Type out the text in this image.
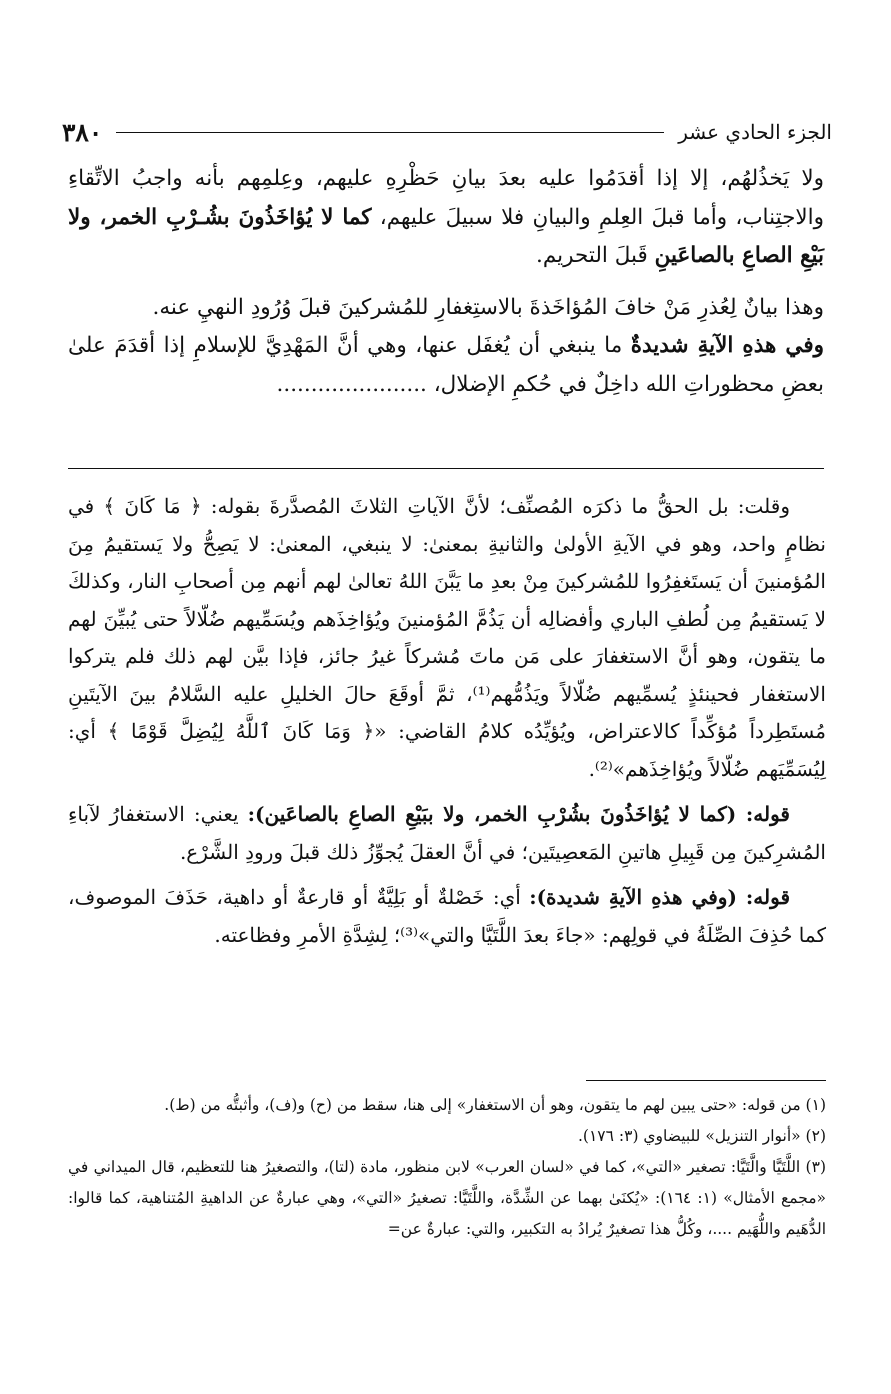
٣٨٠	الجزء الحادي عشر

ولا يَخذُلهُم، إلا إذا أقدَمُوا عليه بعدَ بيانِ حَظْرِهِ عليهم، وعِلمِهم بأنه واجبُ الاتِّقاءِ والاجتِناب، وأما قبلَ العِلمِ والبيانِ فلا سبيلَ عليهم، كما لا يُؤاخَذُونَ بشُـرْبِ الخمر، ولا بَيْعِ الصاعِ بالصاعَينِ قَبلَ التحريم.

وهذا بيانٌ لِعُذرِ مَنْ خافَ المُؤاخَذةَ بالاستِغفارِ للمُشركينَ قبلَ وُرُودِ النهيِ عنه.

وفي هذهِ الآيةِ شديدةٌ ما ينبغي أن يُغفَل عنها، وهي أنَّ المَهْدِيَّ للإسلامِ إذا أقدَمَ علىٰ بعضِ محظوراتِ الله داخِلٌ في حُكمِ الإضلال، ......................

وقلت: بل الحقُّ ما ذكرَه المُصنِّف؛ لأنَّ الآياتِ الثلاثَ المُصدَّرةَ بقوله: ﴿ مَا كَانَ ﴾ في نظامٍ واحد، وهو في الآيةِ الأولىٰ والثانيةِ بمعنىٰ: لا ينبغي، المعنىٰ: لا يَصِحُّ ولا يَستقيمُ مِنَ المُؤمنينَ أن يَستَغفِرُوا للمُشركينَ مِنْ بعدِ ما يَبَّنَ اللهُ تعالىٰ لهم أنهم مِن أصحابِ النار، وكذلكَ لا يَستقيمُ مِن لُطفِ الباري وأفضالِه أن يَذُمَّ المُؤمنينَ ويُؤاخِذَهم ويُسَمِّيهم ضُلّالاً حتى يُبيِّنَ لهم ما يتقون، وهو أنَّ الاستغفارَ على مَن ماتَ مُشركاً غيرُ جائز، فإذا بيَّن لهم ذلك فلم يتركوا الاستغفار فحينئذٍ يُسمِّيهم ضُلّالاً ويَذُمُّهم⁽¹⁾، ثمَّ أوقَعَ حالَ الخليلِ عليه السَّلامُ بينَ الآيتَينِ مُستَطِرداً مُؤكِّداً كالاعتراض، ويُؤيِّدُه كلامُ القاضي: «﴿ وَمَا كَانَ ٱللَّهُ لِيُضِلَّ قَوْمًا ﴾ أي: لِيُسَمِّيَهم ضُلّالاً ويُؤاخِذَهم»⁽²⁾.

قوله: (كما لا يُؤاخَذُونَ بشُرْبِ الخمر، ولا ببَيْعِ الصاعِ بالصاعَين): يعني: الاستغفارُ لآباءِ المُشرِكينَ مِن قَبِيلِ هاتينِ المَعصِيتَين؛ في أنَّ العقلَ يُجوِّزُ ذلك قبلَ ورودِ الشَّرْع.

قوله: (وفي هذهِ الآيةِ شديدة): أي: خَصْلةٌ أو بَلِيَّةٌ أو قارعةٌ أو داهية، حَذَفَ الموصوف، كما حُذِفَ الصِّلَةُ في قولِهم: «جاءَ بعدَ اللَّتَيَّا والتي»⁽³⁾؛ لِشِدَّةِ الأمرِ وفظاعته.

(١) من قوله: «حتى يبين لهم ما يتقون، وهو أن الاستغفار» إلى هنا، سقط من (ح) و(ف)، وأثبتُّه من (ط).

(٢) «أنوار التنزيل» للبيضاوي (٣: ١٧٦).

(٣) اللَّتَيَّا والَّتَيَّا: تصغير «التي»، كما في «لسان العرب» لابن منظور، مادة (لتا)، والتصغيرُ هنا للتعظيم، قال الميداني في «مجمع الأمثال» (١: ١٦٤): «يُكنَىٰ بهما عن الشِّدَّة، واللَّتَيَّا: تصغيرُ «التي»، وهي عبارةٌ عن الداهيةِ المُتناهية، كما قالوا: الدُّهَيم واللُّهَيم ....، وكُلُّ هذا تصغيرٌ يُرادُ به التكبير، والتي: عبارةٌ عن=
